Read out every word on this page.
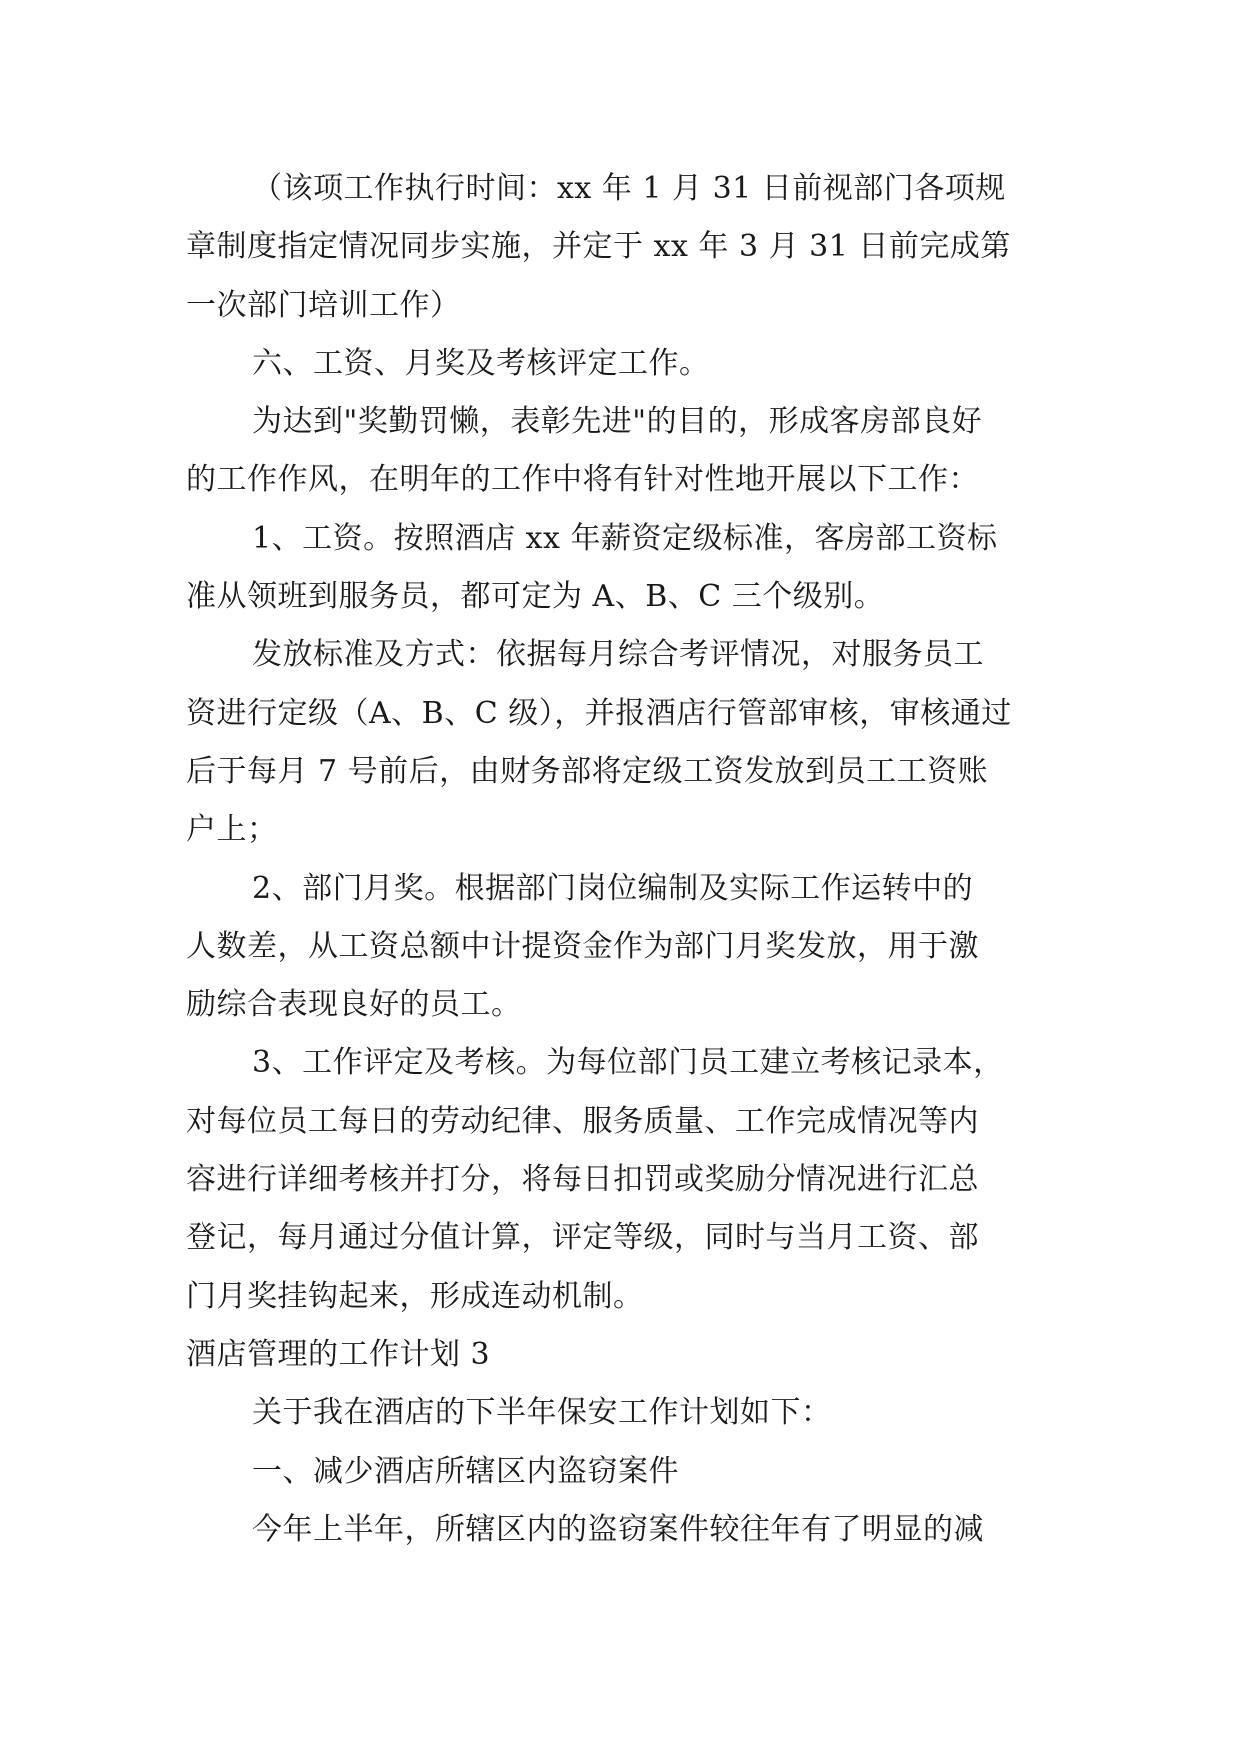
（该项工作执行时间：xx 年 1 月 31 日前视部门各项规
章制度指定情况同步实施，并定于 xx 年 3 月 31 日前完成第
一次部门培训工作）
六、工资、月奖及考核评定工作。
为达到"奖勤罚懒，表彰先进"的目的，形成客房部良好
的工作作风，在明年的工作中将有针对性地开展以下工作：
1、工资。按照酒店 xx 年薪资定级标准，客房部工资标
准从领班到服务员，都可定为 A、B、C 三个级别。
发放标准及方式：依据每月综合考评情况，对服务员工
资进行定级（A、B、C 级），并报酒店行管部审核，审核通过
后于每月 7 号前后，由财务部将定级工资发放到员工工资账
户上；
2、部门月奖。根据部门岗位编制及实际工作运转中的
人数差，从工资总额中计提资金作为部门月奖发放，用于激
励综合表现良好的员工。
3、工作评定及考核。为每位部门员工建立考核记录本，
对每位员工每日的劳动纪律、服务质量、工作完成情况等内
容进行详细考核并打分，将每日扣罚或奖励分情况进行汇总
登记，每月通过分值计算，评定等级，同时与当月工资、部
门月奖挂钩起来，形成连动机制。
酒店管理的工作计划 3
关于我在酒店的下半年保安工作计划如下：
一、减少酒店所辖区内盗窃案件
今年上半年，所辖区内的盗窃案件较往年有了明显的减
